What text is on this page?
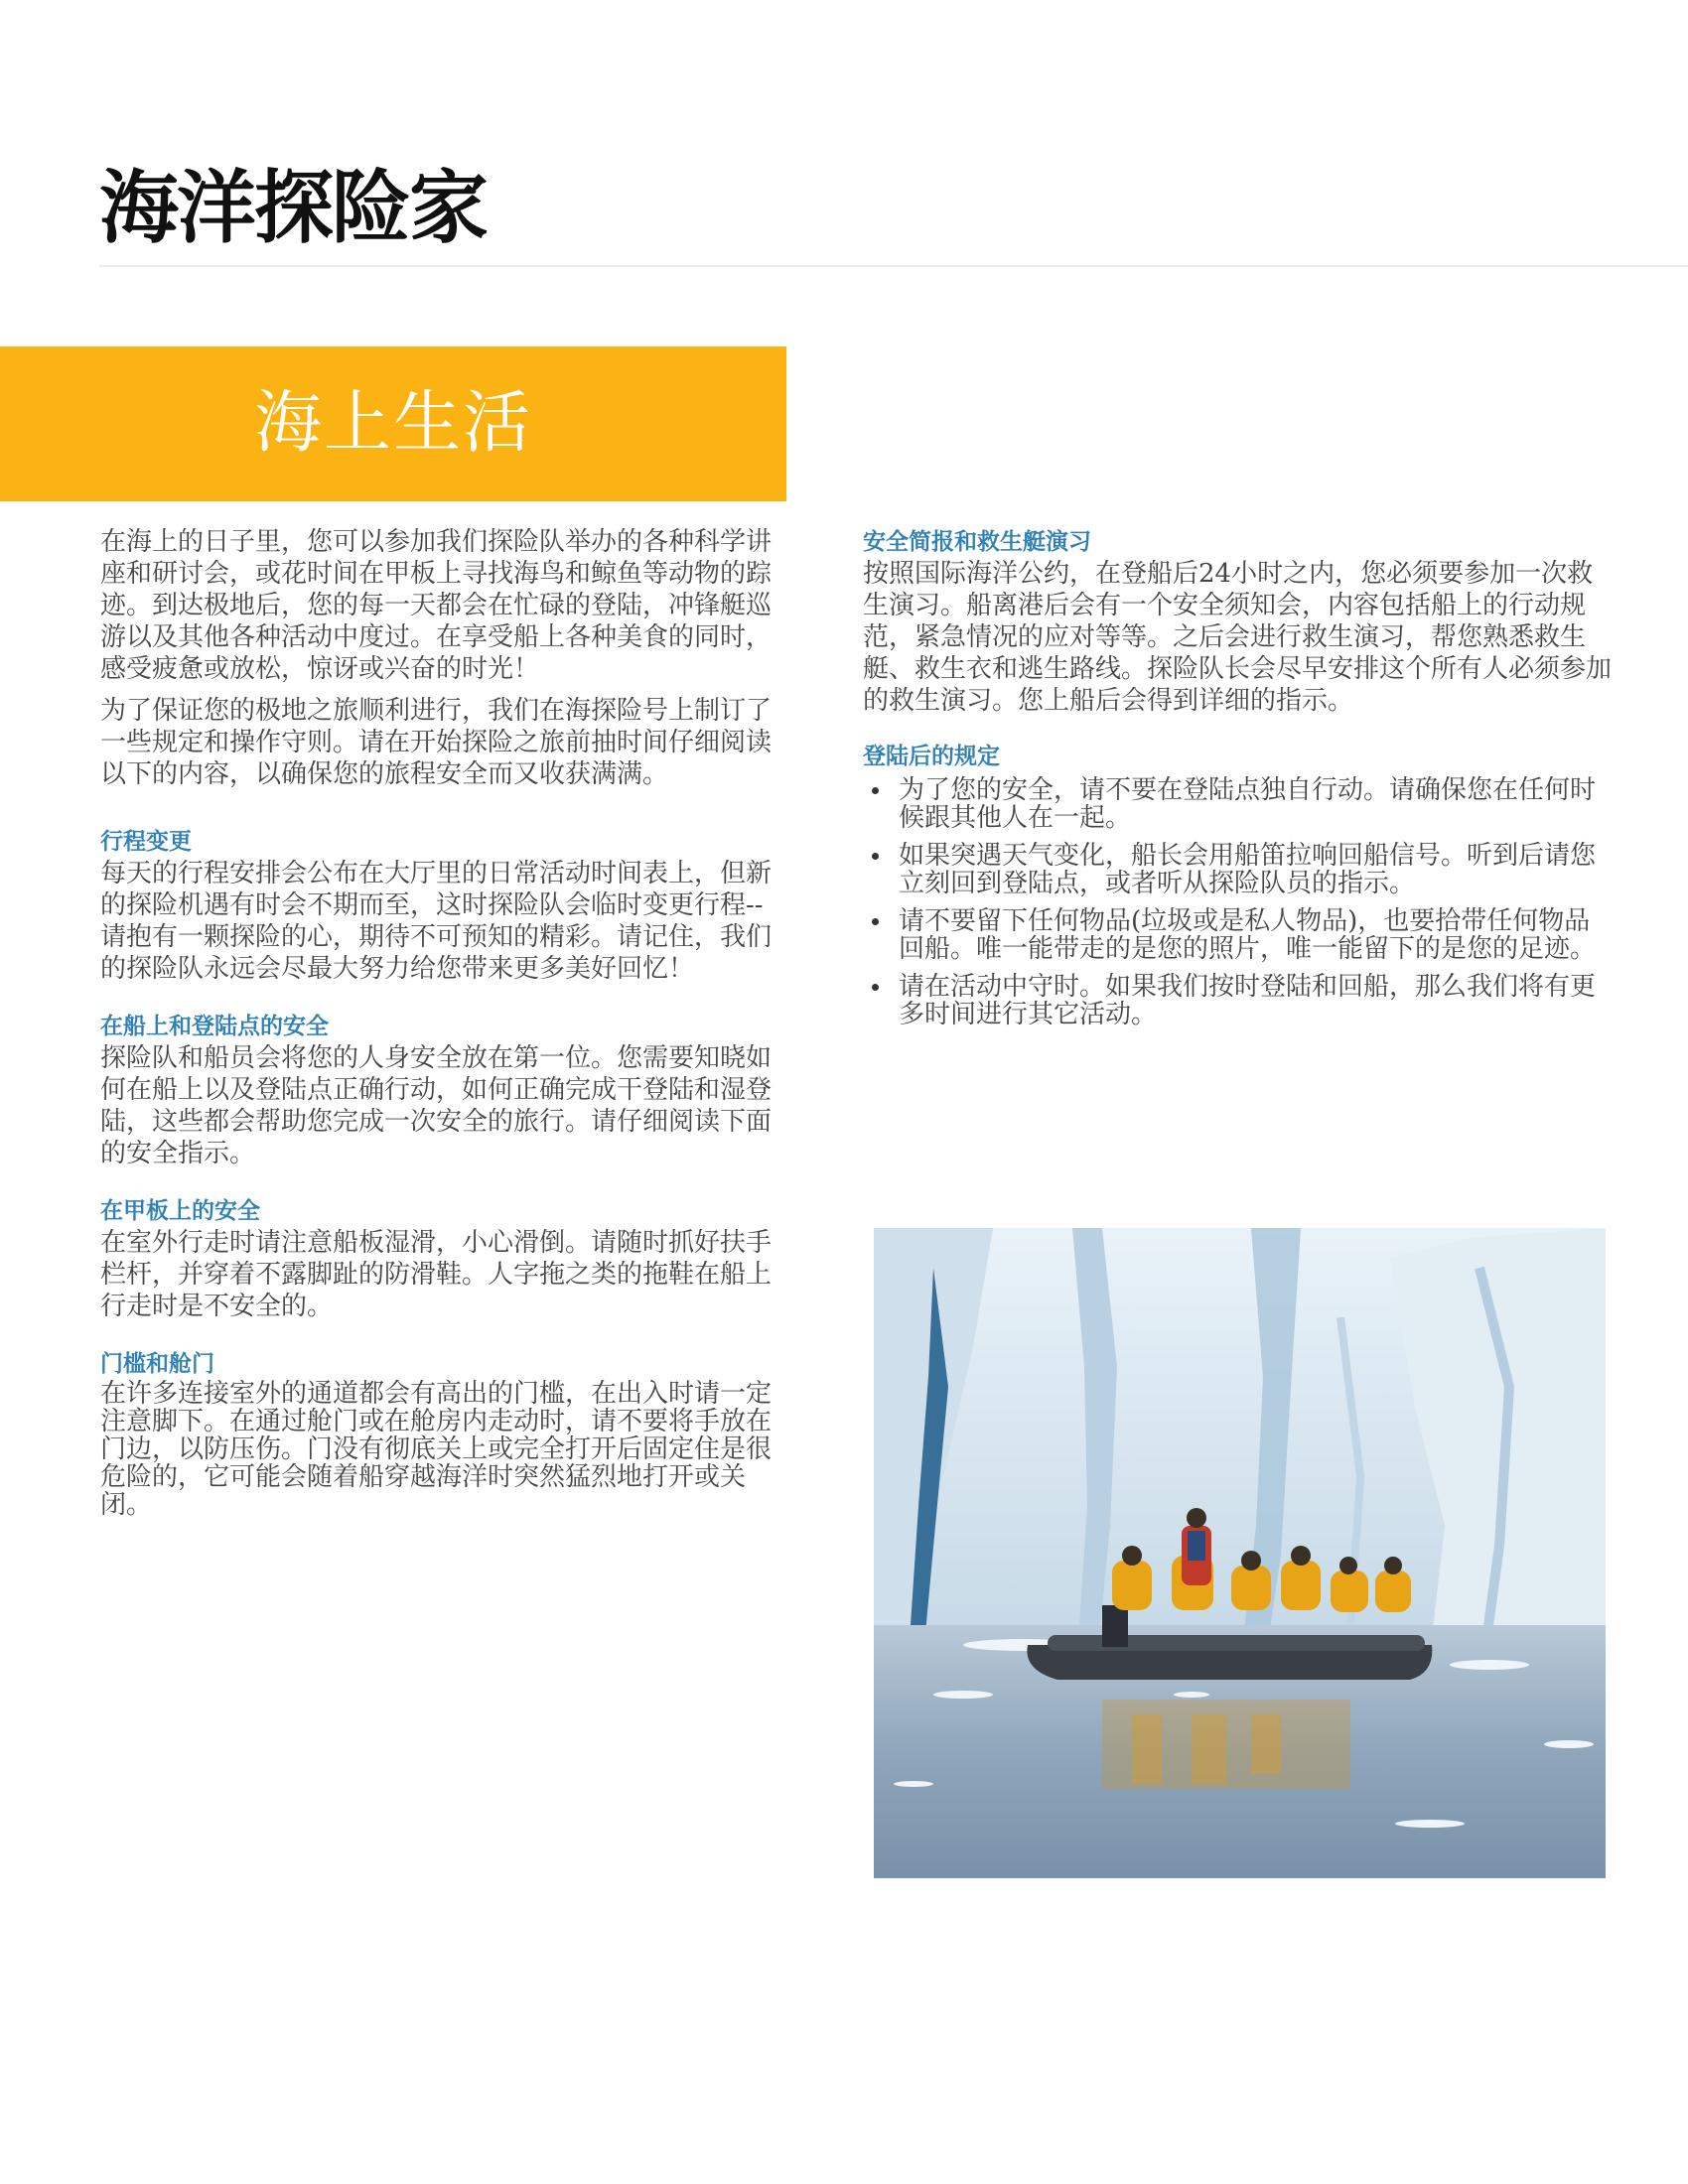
海洋探险家
海上生活

在海上的日子里，您可以参加我们探险队举办的各种科学讲座和研讨会，或花时间在甲板上寻找海鸟和鲸鱼等动物的踪迹。到达极地后，您的每一天都会在忙碌的登陆，冲锋艇巡游以及其他各种活动中度过。在享受船上各种美食的同时，感受疲惫或放松，惊讶或兴奋的时光！

为了保证您的极地之旅顺利进行，我们在海探险号上制订了一些规定和操作守则。请在开始探险之旅前抽时间仔细阅读以下的内容，以确保您的旅程安全而又收获满满。

行程变更

每天的行程安排会公布在大厅里的日常活动时间表上，但新的探险机遇有时会不期而至，这时探险队会临时变更行程--请抱有一颗探险的心，期待不可预知的精彩。请记住，我们的探险队永远会尽最大努力给您带来更多美好回忆！

在船上和登陆点的安全

探险队和船员会将您的人身安全放在第一位。您需要知晓如何在船上以及登陆点正确行动，如何正确完成干登陆和湿登陆，这些都会帮助您完成一次安全的旅行。请仔细阅读下面的安全指示。

在甲板上的安全

在室外行走时请注意船板湿滑，小心滑倒。请随时抓好扶手栏杆，并穿着不露脚趾的防滑鞋。人字拖之类的拖鞋在船上行走时是不安全的。

门槛和舱门

在许多连接室外的通道都会有高出的门槛，在出入时请一定注意脚下。在通过舱门或在舱房内走动时，请不要将手放在门边，以防压伤。门没有彻底关上或完全打开后固定住是很危险的，它可能会随着船穿越海洋时突然猛烈地打开或关闭。

安全简报和救生艇演习

按照国际海洋公约，在登船后24小时之内，您必须要参加一次救生演习。船离港后会有一个安全须知会，内容包括船上的行动规范，紧急情况的应对等等。之后会进行救生演习，帮您熟悉救生艇、救生衣和逃生路线。探险队长会尽早安排这个所有人必须参加的救生演习。您上船后会得到详细的指示。

登陆后的规定
为了您的安全，请不要在登陆点独自行动。请确保您在任何时候跟其他人在一起。
如果突遇天气变化，船长会用船笛拉响回船信号。听到后请您立刻回到登陆点，或者听从探险队员的指示。
请不要留下任何物品(垃圾或是私人物品)，也要拾带任何物品回船。唯一能带走的是您的照片，唯一能留下的是您的足迹。
请在活动中守时。如果我们按时登陆和回船，那么我们将有更多时间进行其它活动。
